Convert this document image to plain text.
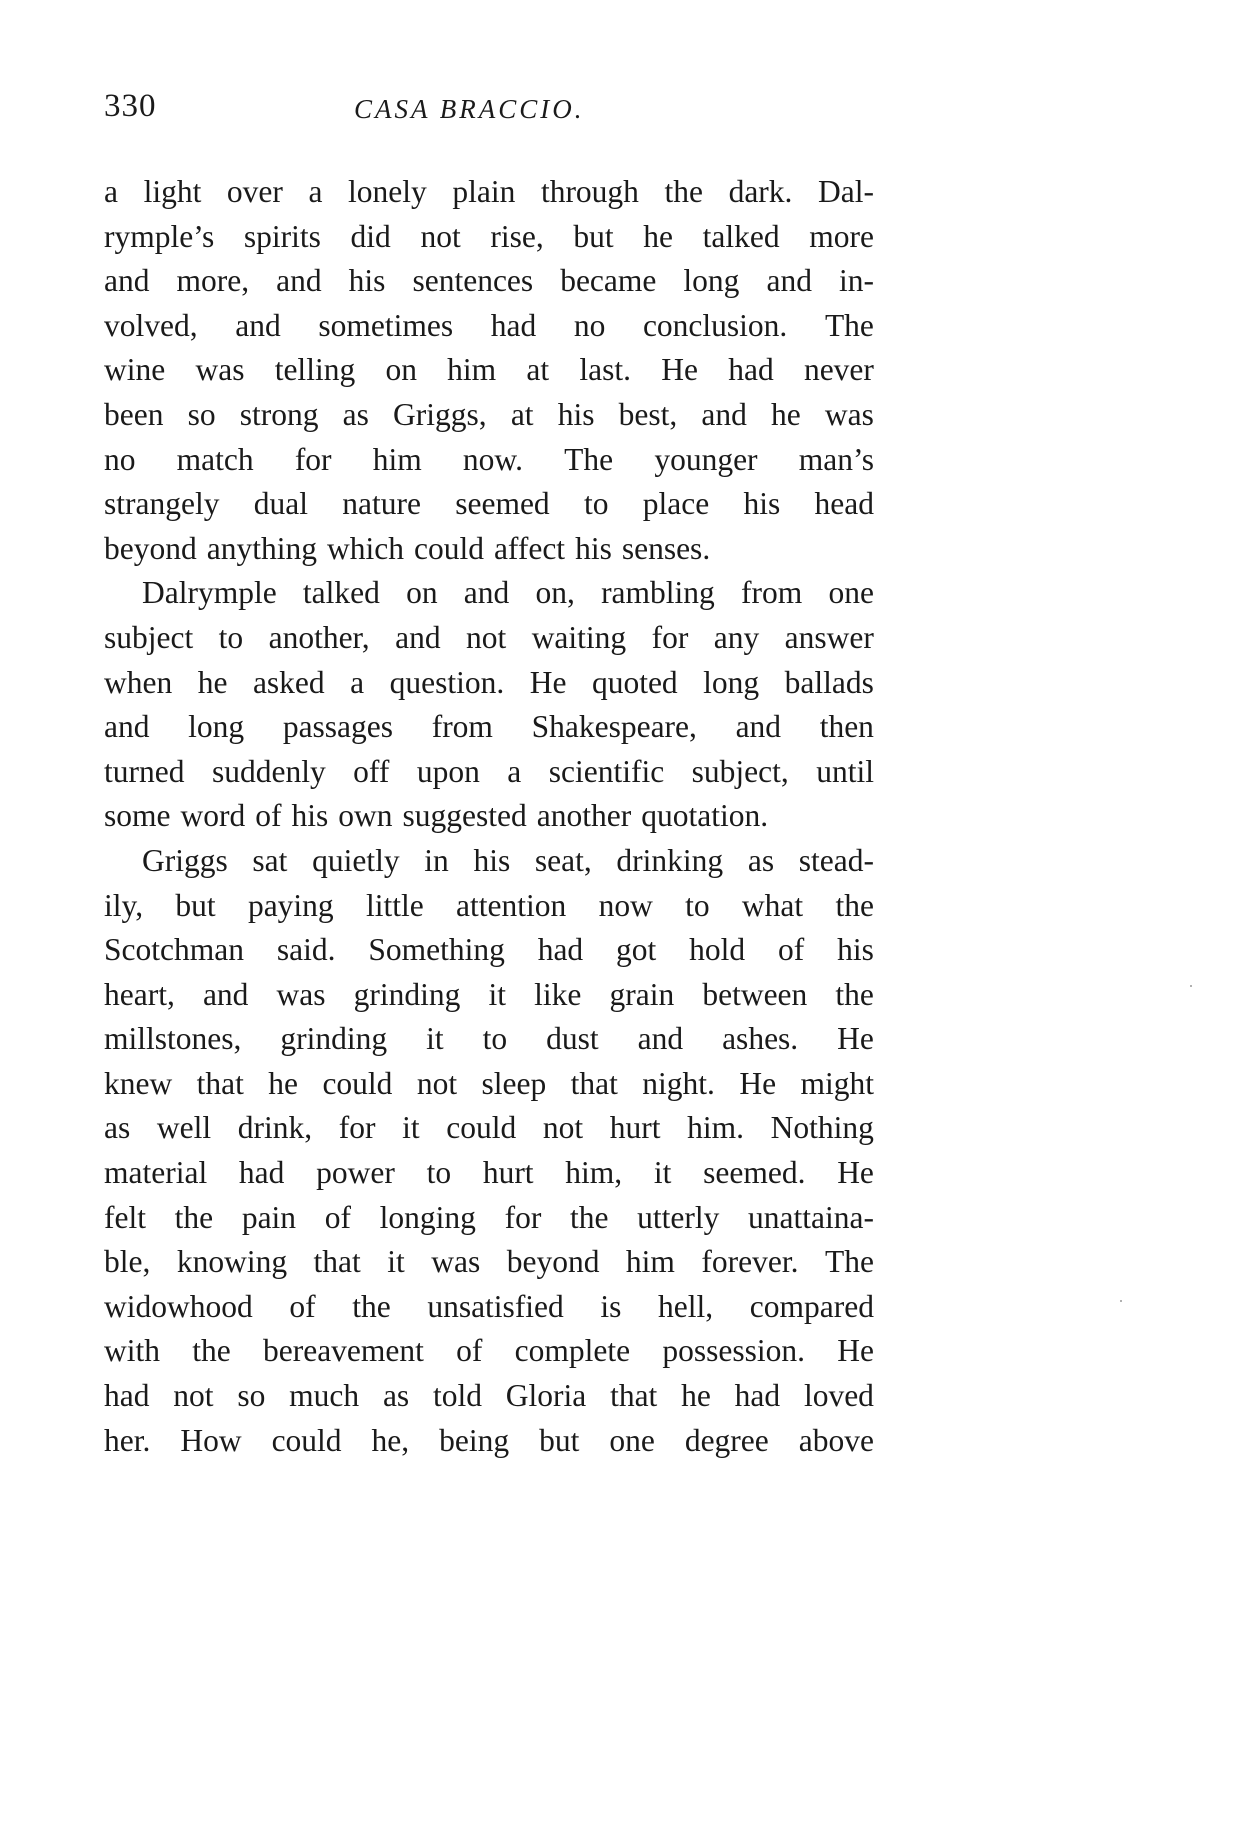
330	CASA BRACCIO.
a light over a lonely plain through the dark. Dal-
rymple’s spirits did not rise, but he talked more
and more, and his sentences became long and in-
volved, and sometimes had no conclusion. The
wine was telling on him at last. He had never
been so strong as Griggs, at his best, and he was
no match for him now. The younger man’s
strangely dual nature seemed to place his head
beyond anything which could affect his senses.
Dalrymple talked on and on, rambling from one
subject to another, and not waiting for any answer
when he asked a question. He quoted long ballads
and long passages from Shakespeare, and then
turned suddenly off upon a scientific subject, until
some word of his own suggested another quotation.
Griggs sat quietly in his seat, drinking as stead-
ily, but paying little attention now to what the
Scotchman said. Something had got hold of his
heart, and was grinding it like grain between the
millstones, grinding it to dust and ashes. He
knew that he could not sleep that night. He might
as well drink, for it could not hurt him. Nothing
material had power to hurt him, it seemed. He
felt the pain of longing for the utterly unattaina-
ble, knowing that it was beyond him forever. The
widowhood of the unsatisfied is hell, compared
with the bereavement of complete possession. He
had not so much as told Gloria that he had loved
her. How could he, being but one degree above
